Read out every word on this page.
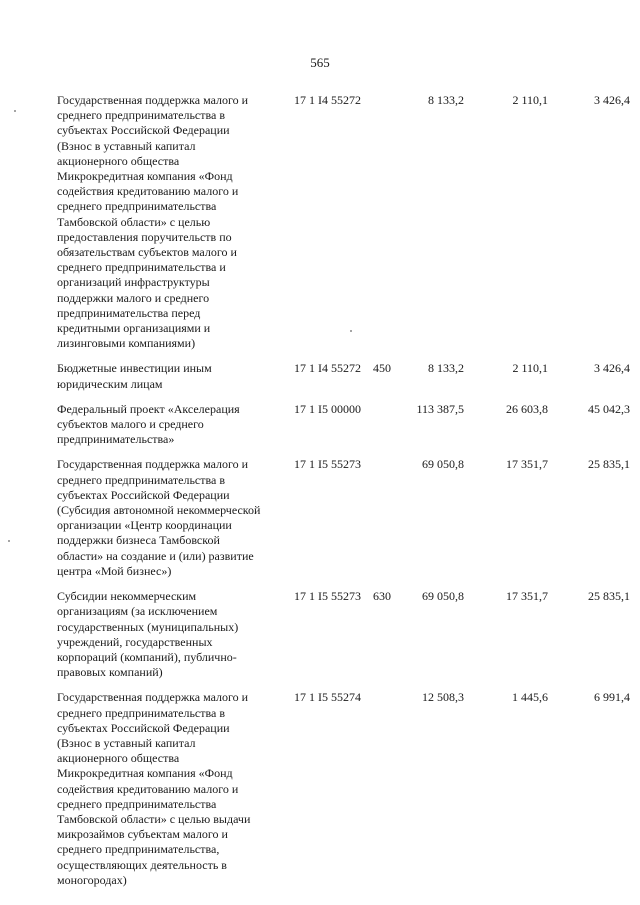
565
Государственная поддержка малого и
среднего предпринимательства в
субъектах Российской Федерации
(Взнос в уставный капитал
акционерного общества
Микрокредитная компания «Фонд
содействия кредитованию малого и
среднего предпринимательства
Тамбовской области» с целью
предоставления поручительств по
обязательствам субъектов малого и
среднего предпринимательства и
организаций инфраструктуры
поддержки малого и среднего
предпринимательства перед
кредитными организациями и
лизинговыми компаниями)
17 1 I4 55272	8 133,2	2 110,1	3 426,4
Бюджетные инвестиции иным
юридическим лицам
17 1 I4 55272 450	8 133,2	2 110,1	3 426,4
Федеральный проект «Акселерация
субъектов малого и среднего
предпринимательства»
17 1 I5 00000	113 387,5	26 603,8	45 042,3
Государственная поддержка малого и
среднего предпринимательства в
субъектах Российской Федерации
(Субсидия автономной некоммерческой
организации «Центр координации
поддержки бизнеса Тамбовской
области» на создание и (или) развитие
центра «Мой бизнес»)
17 1 I5 55273	69 050,8	17 351,7	25 835,1
Субсидии некоммерческим
организациям (за исключением
государственных (муниципальных)
учреждений, государственных
корпораций (компаний), публично-
правовых компаний)
17 1 I5 55273 630	69 050,8	17 351,7	25 835,1
Государственная поддержка малого и
среднего предпринимательства в
субъектах Российской Федерации
(Взнос в уставный капитал
акционерного общества
Микрокредитная компания «Фонд
содействия кредитованию малого и
среднего предпринимательства
Тамбовской области» с целью выдачи
микрозаймов субъектам малого и
среднего предпринимательства,
осуществляющих деятельность в
моногородах)
17 1 I5 55274	12 508,3	1 445,6	6 991,4
